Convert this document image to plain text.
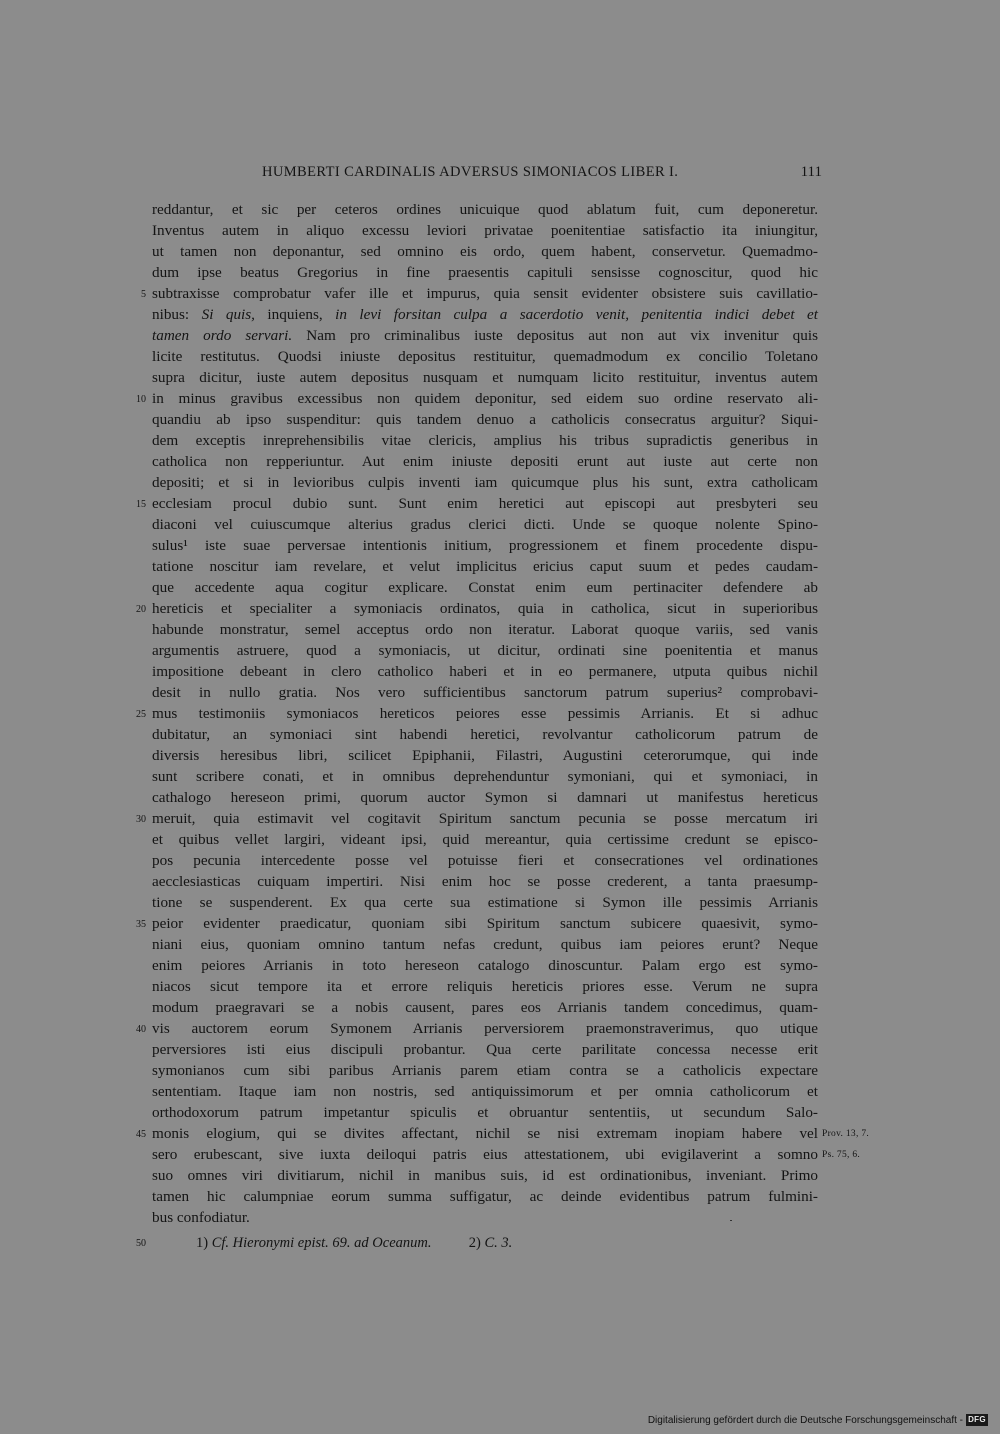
HUMBERTI CARDINALIS ADVERSUS SIMONIACOS LIBER I.	111
reddantur, et sic per ceteros ordines unicuique quod ablatum fuit, cum deponeretur.
Inventus autem in aliquo excessu leviori privatae poenitentiae satisfactio ita iniungitur,
ut tamen non deponantur, sed omnino eis ordo, quem habent, conservetur. Quemadmo-
dum ipse beatus Gregorius in fine praesentis capituli sensisse cognoscitur, quod hic
subtraxisse comprobatur vafer ille et impurus, quia sensit evidenter obsistere suis cavillatio-
nibus: Si quis, inquiens, in levi forsitan culpa a sacerdotio venit, penitentia indici debet et
tamen ordo servari. Nam pro criminalibus iuste depositus aut non aut vix invenitur quis
licite restitutus. Quodsi iniuste depositus restituitur, quemadmodum ex concilio Toletano
supra dicitur, iuste autem depositus nusquam et numquam licito restituitur, inventus autem
in minus gravibus excessibus non quidem deponitur, sed eidem suo ordine reservato ali-
quandiu ab ipso suspenditur: quis tandem denuo a catholicis consecratus arguitur? Siqui-
dem exceptis inreprehensibilis vitae clericis, amplius his tribus supradictis generibus in
catholica non repperiuntur. Aut enim iniuste depositi erunt aut iuste aut certe non
depositi; et si in levioribus culpis inventi iam quicumque plus his sunt, extra catholicam
ecclesiam procul dubio sunt. Sunt enim heretici aut episcopi aut presbyteri seu
diaconi vel cuiuscumque alterius gradus clerici dicti. Unde se quoque nolente Spino-
sulus¹ iste suae perversae intentionis initium, progressionem et finem procedente dispu-
tatione noscitur iam revelare, et velut implicitus ericius caput suum et pedes caudam-
que accedente aqua cogitur explicare. Constat enim eum pertinaciter defendere ab
hereticis et specialiter a symoniacis ordinatos, quia in catholica, sicut in superioribus
habunde monstratur, semel acceptus ordo non iteratur. Laborat quoque variis, sed vanis
argumentis astruere, quod a symoniacis, ut dicitur, ordinati sine poenitentia et manus
impositione debeant in clero catholico haberi et in eo permanere, utputa quibus nichil
desit in nullo gratia. Nos vero sufficientibus sanctorum patrum superius² comprobavi-
mus testimoniis symoniacos hereticos peiores esse pessimis Arrianis. Et si adhuc
dubitatur, an symoniaci sint habendi heretici, revolvantur catholicorum patrum de
diversis heresibus libri, scilicet Epiphanii, Filastri, Augustini ceterorumque, qui inde
sunt scribere conati, et in omnibus deprehenduntur symoniani, qui et symoniaci, in
cathalogo hereseon primi, quorum auctor Symon si damnari ut manifestus hereticus
meruit, quia estimavit vel cogitavit Spiritum sanctum pecunia se posse mercatum iri
et quibus vellet largiri, videant ipsi, quid mereantur, quia certissime credunt se episco-
pos pecunia intercedente posse vel potuisse fieri et consecrationes vel ordinationes
aecclesiasticas cuiquam impertiri. Nisi enim hoc se posse crederent, a tanta praesump-
tione se suspenderent. Ex qua certe sua estimatione si Symon ille pessimis Arrianis
peior evidenter praedicatur, quoniam sibi Spiritum sanctum subicere quaesivit, symo-
niani eius, quoniam omnino tantum nefas credunt, quibus iam peiores erunt? Neque
enim peiores Arrianis in toto hereseon catalogo dinoscuntur. Palam ergo est symo-
niacos sicut tempore ita et errore reliquis hereticis priores esse. Verum ne supra
modum praegravari se a nobis causent, pares eos Arrianis tandem concedimus, quam-
vis auctorem eorum Symonem Arrianis perversiorem praemonstraverimus, quo utique
perversiores isti eius discipuli probantur. Qua certe parilitate concessa necesse erit
symonianos cum sibi paribus Arrianis parem etiam contra se a catholicis expectare
sententiam. Itaque iam non nostris, sed antiquissimorum et per omnia catholicorum et
orthodoxorum patrum impetantur spiculis et obruantur sententiis, ut secundum Salo-
monis elogium, qui se divites affectant, nichil se nisi extremam inopiam habere vel
sero erubescant, sive iuxta deiloqui patris eius attestationem, ubi evigilaverint a somno
suo omnes viri divitiarum, nichil in manibus suis, id est ordinationibus, inveniant. Primo
tamen hic calumpniae eorum summa suffigatur, ac deinde evidentibus patrum fulmini-
bus confodiatur.
5
10
15
20
25
30
35
40
45	Prov. 13, 7.
Ps. 75, 6.
50	1) Cf. Hieronymi epist. 69. ad Oceanum.	2) C. 3.
Digitalisierung gefördert durch die Deutsche Forschungsgemeinschaft - DFG
